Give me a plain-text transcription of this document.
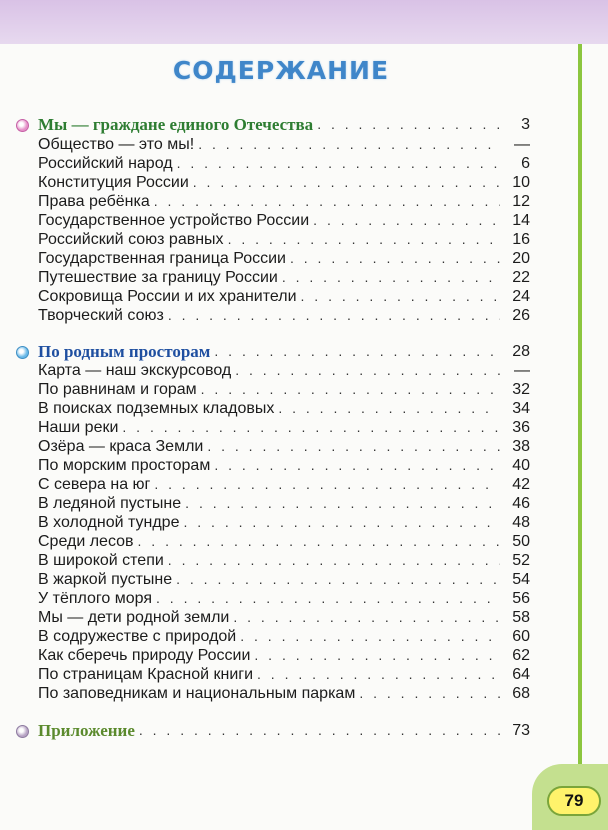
79
СОДЕРЖАНИЕ
Мы — граждане единого Отечества . . .	3
Общество — это мы! . . .	—
Российский народ . . .	6
Конституция России . . .	10
Права ребёнка . . .	12
Государственное устройство России . . .	14
Российский союз равных . . .	16
Государственная граница России . . .	20
Путешествие за границу России . . .	22
Сокровища России и их хранители . . .	24
Творческий союз . . .	26
По родным просторам . . .	28
Карта — наш экскурсовод . . .	—
По равнинам и горам . . .	32
В поисках подземных кладовых . . .	34
Наши реки . . .	36
Озёра — краса Земли . . .	38
По морским просторам . . .	40
С севера на юг . . .	42
В ледяной пустыне . . .	46
В холодной тундре . . .	48
Среди лесов . . .	50
В широкой степи . . .	52
В жаркой пустыне . . .	54
У тёплого моря . . .	56
Мы — дети родной земли . . .	58
В содружестве с природой . . .	60
Как сберечь природу России . . .	62
По страницам Красной книги . . .	64
По заповедникам и национальным паркам . . .	68
Приложение . . .	73
